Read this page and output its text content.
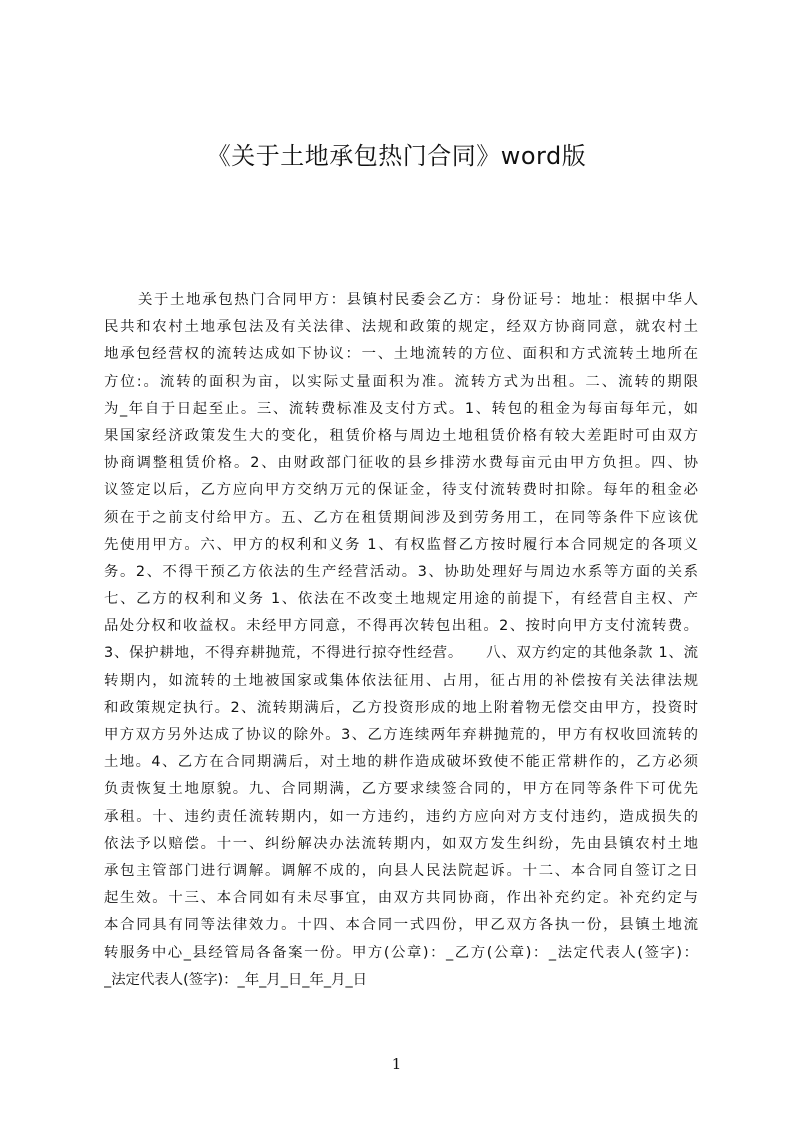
《关于土地承包热门合同》word版
关于土地承包热门合同甲方：县镇村民委会乙方：身份证号：地址：根据中华人
民共和农村土地承包法及有关法律、法规和政策的规定，经双方协商同意，就农村土
地承包经营权的流转达成如下协议：一、土地流转的方位、面积和方式流转土地所在
方位:。流转的面积为亩，以实际丈量面积为准。流转方式为出租。二、流转的期限
为_年自于日起至止。三、流转费标准及支付方式。1、转包的租金为每亩每年元，如
果国家经济政策发生大的变化，租赁价格与周边土地租赁价格有较大差距时可由双方
协商调整租赁价格。2、由财政部门征收的县乡排涝水费每亩元由甲方负担。四、协
议签定以后，乙方应向甲方交纳万元的保证金，待支付流转费时扣除。每年的租金必
须在于之前支付给甲方。五、乙方在租赁期间涉及到劳务用工，在同等条件下应该优
先使用甲方。六、甲方的权利和义务 1、有权监督乙方按时履行本合同规定的各项义
务。2、不得干预乙方依法的生产经营活动。3、协助处理好与周边水系等方面的关系
七、乙方的权利和义务 1、依法在不改变土地规定用途的前提下，有经营自主权、产
品处分权和收益权。未经甲方同意，不得再次转包出租。2、按时向甲方支付流转费。
3、保护耕地，不得弃耕抛荒，不得进行掠夺性经营。　　八、双方约定的其他条款 1、流
转期内，如流转的土地被国家或集体依法征用、占用，征占用的补偿按有关法律法规
和政策规定执行。2、流转期满后，乙方投资形成的地上附着物无偿交由甲方，投资时
甲方双方另外达成了协议的除外。3、乙方连续两年弃耕抛荒的，甲方有权收回流转的
土地。4、乙方在合同期满后，对土地的耕作造成破坏致使不能正常耕作的，乙方必须
负责恢复土地原貌。九、合同期满，乙方要求续签合同的，甲方在同等条件下可优先
承租。十、违约责任流转期内，如一方违约，违约方应向对方支付违约，造成损失的
依法予以赔偿。十一、纠纷解决办法流转期内，如双方发生纠纷，先由县镇农村土地
承包主管部门进行调解。调解不成的，向县人民法院起诉。十二、本合同自签订之日
起生效。十三、本合同如有未尽事宜，由双方共同协商，作出补充约定。补充约定与
本合同具有同等法律效力。十四、本合同一式四份，甲乙双方各执一份，县镇土地流
转服务中心_县经管局各备案一份。甲方(公章)：_乙方(公章)：_法定代表人(签字)：
_法定代表人(签字)：_年_月_日_年_月_日
1
